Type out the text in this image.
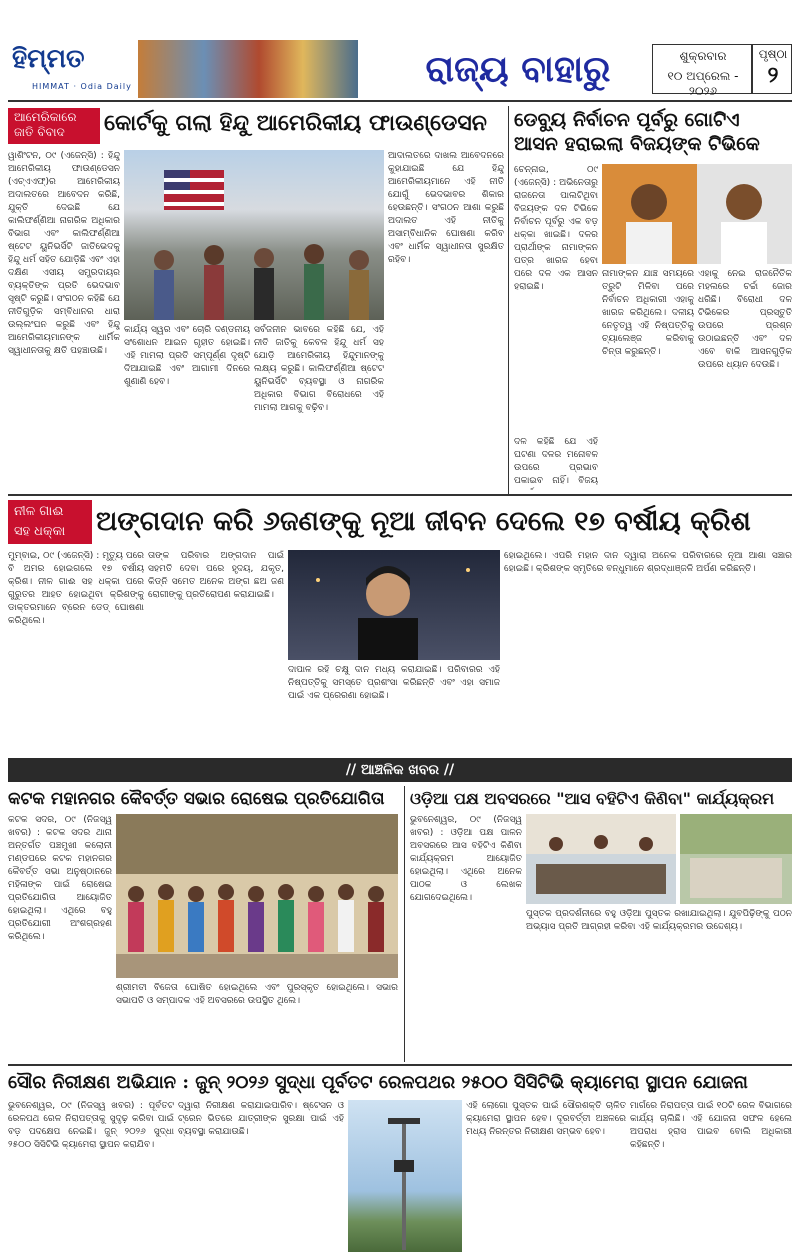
ହିମ୍ମତ
HIMMAT · Odia Daily	ରାଜ୍ୟ ବାହାରୁ	ଶୁକ୍ରବାର
୧୦ ଅପ୍ରେଲ - ୨୦୨୬
ପୃଷ୍ଠା
୨
ଆମେରିକାରେ
ଜାତି ବିବାଦ	କୋର୍ଟକୁ ଗଲା ହିନ୍ଦୁ ଆମେରିକୀୟ ଫାଉଣ୍ଡେସନ
ୱାଶିଂଟନ, ୦୯ (ଏଜେନ୍ସି) : ହିନ୍ଦୁ ଆମେରିକୀୟ ଫାଉଣ୍ଡେସନ (ଏଚ୍‌ଏଏଫ୍‌)ର ଆମେରିକୀୟ ଅଦାଲତରେ ଆବେଦନ କରିଛି, ଯୁକ୍ତି ଦେଇଛି ଯେ କାଲିଫର୍ଣ୍ଣିଆ ନାଗରିକ ଅଧିକାର ବିଭାଗ ଏବଂ କାଲିଫର୍ଣ୍ଣିଆ ଷ୍ଟେଟ ୟୁନିଭର୍ସିଟି ଜାତିଭେଦକୁ ହିନ୍ଦୁ ଧର୍ମ ସହିତ ଯୋଡ଼ିଛି ଏବଂ ଏହା ଦକ୍ଷିଣ ଏସୀୟ ସମ୍ପ୍ରଦାୟର ବ୍ୟକ୍ତିଙ୍କ ପ୍ରତି ଭେଦଭାବ ସୃଷ୍ଟି କରୁଛି। ସଂଗଠନ କହିଛି ଯେ ନୀତିଗୁଡ଼ିକ ସମ୍ବିଧାନର ଧାରା ଉଲ୍ଲଂଘନ କରୁଛି ଏବଂ ହିନ୍ଦୁ ଆମେରିକୀୟମାନଙ୍କ ଧାର୍ମିକ ସ୍ୱାଧୀନତାକୁ କ୍ଷତି ପହଞ୍ଚାଉଛି।
କାର୍ଯ୍ୟ ସ୍ୱର ଏବଂ ଚୋରି ଦଣ୍ଡନୀୟ ସଂଶୋଧନ ଆଇନ ଗୃହୀତ ହୋଇଛି। ଏହି ମାମଲା ପ୍ରତି ସମ୍ପୂର୍ଣ୍ଣ ଦୃଷ୍ଟି ଦିଆଯାଇଛି ଏବଂ ଆଗାମୀ ଦିନରେ ଶୁଣାଣି ହେବ।
ସର୍ବଜନୀନ ଭାବରେ କହିଛି ଯେ, ଏହି ନୀତି ଜାତିକୁ କେବଳ ହିନ୍ଦୁ ଧର୍ମ ସହ ଯୋଡ଼ି ଆମେରିକୀୟ ହିନ୍ଦୁମାନଙ୍କୁ ଲକ୍ଷ୍ୟ କରୁଛି। କାଲିଫର୍ଣ୍ଣିଆ ଷ୍ଟେଟ ୟୁନିଭର୍ସିଟି ବ୍ୟବସ୍ଥା ଓ ନାଗରିକ ଅଧିକାର ବିଭାଗ ବିରୋଧରେ ଏହି ମାମଲା ଆଗକୁ ବଢ଼ିବ।
ଆଦାଲତରେ ଦାଖଲ ଆବେଦନରେ କୁହାଯାଇଛି ଯେ ହିନ୍ଦୁ ଆମେରିକୀୟମାନେ ଏହି ନୀତି ଯୋଗୁଁ ଭେଦଭାବର ଶିକାର ହେଉଛନ୍ତି। ସଂଗଠନ ଆଶା କରୁଛି ଅଦାଲତ ଏହି ନୀତିକୁ ଅସାମ୍ବିଧାନିକ ଘୋଷଣା କରିବ ଏବଂ ଧାର୍ମିକ ସ୍ୱାଧୀନତା ସୁରକ୍ଷିତ ରହିବ।
ଡେବ୍ୟୁ ନିର୍ବାଚନ ପୂର୍ବରୁ ଗୋଟିଏ
ଆସନ ହରାଇଲା ବିଜୟଙ୍କ ଟିଭିକେ
ଚେନ୍ନାଇ, ୦୯ (ଏଜେନ୍ସି) : ଅଭିନେତାରୁ ରାଜନେତା ପାଲଟିଥିବା ବିଜୟଙ୍କ ଦଳ ଟିଭିକେ ନିର୍ବାଚନ ପୂର୍ବରୁ ଏକ ବଡ଼ ଧକ୍କା ଖାଇଛି। ଦଳର ପ୍ରାର୍ଥୀଙ୍କ ନାମାଙ୍କନ ପତ୍ର ଖାରଜ ହେବା ପରେ ଦଳ ଏକ ଆସନ ହରାଇଛି।
ନାମାଙ୍କନ ଯାଞ୍ଚ ସମୟରେ ତ୍ରୁଟି ମିଳିବା ପରେ ନିର୍ବାଚନ ଅଧିକାରୀ ଏହାକୁ ଖାରଜ କରିଥିଲେ। ଦଳୀୟ ନେତୃତ୍ୱ ଏହି ନିଷ୍ପତ୍ତିକୁ ଚ୍ୟାଲେଞ୍ଜ କରିବାକୁ ଚିନ୍ତା କରୁଛନ୍ତି।
ଏହାକୁ ନେଇ ରାଜନୈତିକ ମହଲରେ ଚର୍ଚ୍ଚା ଜୋର ଧରିଛି। ବିରୋଧୀ ଦଳ ଟିଭିକେର ପ୍ରସ୍ତୁତି ଉପରେ ପ୍ରଶ୍ନ ଉଠାଇଛନ୍ତି ଏବଂ ଦଳ ଏବେ ବାକି ଆସନଗୁଡ଼ିକ ଉପରେ ଧ୍ୟାନ ଦେଉଛି।
ଦଳ କହିଛି ଯେ ଏହି ଘଟଣା ଦଳର ମନୋବଳ ଉପରେ ପ୍ରଭାବ ପକାଇବ ନାହିଁ। ବିଜୟ
ନୀଳ ଗାଈ
ସହ ଧକ୍କା	ଅଙ୍ଗଦାନ କରି ୬ଜଣଙ୍କୁ ନୂଆ ଜୀବନ ଦେଲେ ୧୭ ବର୍ଷୀୟ କ୍ରିଶ
ମୁମ୍ବାଇ, ୦୯ (ଏଜେନ୍ସି) : ମୃତ୍ୟୁ ପରେ ବି ଅମର ହୋଇଗଲେ ୧୭ ବର୍ଷୀୟ କ୍ରିଶ। ନୀଳ ଗାଈ ସହ ଧକ୍କା ପରେ ଗୁରୁତର ଆହତ ହୋଇଥିବା କ୍ରିଶଙ୍କୁ ଡାକ୍ତରମାନେ ବ୍ରେନ ଡେଡ୍ ଘୋଷଣା କରିଥିଲେ।
ତାଙ୍କ ପରିବାର ଅଙ୍ଗଦାନ ପାଇଁ ସହମତି ଦେବା ପରେ ହୃଦୟ, ଯକୃତ, କିଡ୍ନି ସମେତ ଅନେକ ଅଙ୍ଗ ଛଅ ଜଣ ରୋଗୀଙ୍କୁ ପ୍ରତିରୋପଣ କରାଯାଇଛି।
ଦାପାଳ ରହି ଚକ୍ଷୁ ଦାନ ମଧ୍ୟ କରାଯାଇଛି। ପରିବାରର ଏହି ନିଷ୍ପତ୍ତିକୁ ସମସ୍ତେ ପ୍ରଶଂସା କରିଛନ୍ତି ଏବଂ ଏହା ସମାଜ ପାଇଁ ଏକ ପ୍ରେରଣା ହୋଇଛି।
ହୋଇଥିଲେ। ଏପରି ମହାନ ଦାନ ଦ୍ୱାରା ଅନେକ ପରିବାରରେ ନୂଆ ଆଶା ସଞ୍ଚାର ହୋଇଛି। କ୍ରିଶଙ୍କ ସ୍ମୃତିରେ ବନ୍ଧୁମାନେ ଶ୍ରଦ୍ଧାଞ୍ଜଳି ଅର୍ପଣ କରିଛନ୍ତି।
// ଆଞ୍ଚଳିକ ଖବର //
କଟକ ମହାନଗର କୈବର୍ତ୍ତ ସଭାର ରୋଷେଇ ପ୍ରତିଯୋଗିତା
କଟକ ସଦର, ୦୯ (ନିଜସ୍ୱ ଖବର) : କଟକ ସଦର ଥାନା ଅନ୍ତର୍ଗତ ପଞ୍ଚମୁଖୀ କଲୋନୀ ମଣ୍ଡପରେ କଟକ ମହାନଗର କୈବର୍ତ୍ତ ସଭା ଅନୁଷ୍ଠାନରେ ମହିଳାଙ୍କ ପାଇଁ ରୋଷେଇ ପ୍ରତିଯୋଗିତା ଆୟୋଜିତ ହୋଇଥିଲା। ଏଥିରେ ବହୁ ପ୍ରତିଯୋଗୀ ଅଂଶଗ୍ରହଣ କରିଥିଲେ।
ଶ୍ରୀମତୀ ବିଜେତା ଘୋଷିତ ହୋଇଥିଲେ ଏବଂ ପୁରସ୍କୃତ ହୋଇଥିଲେ। ସଭାର ସଭାପତି ଓ ସମ୍ପାଦକ ଏହି ଅବସରରେ ଉପସ୍ଥିତ ଥିଲେ।
ଓଡ଼ିଆ ପକ୍ଷ ଅବସରରେ "ଆସ ବହିଟିଏ କିଣିବା" କାର୍ଯ୍ୟକ୍ରମ
ଭୁବନେଶ୍ୱର, ୦୯ (ନିଜସ୍ୱ ଖବର) : ଓଡ଼ିଆ ପକ୍ଷ ପାଳନ ଅବସରରେ ଆସ ବହିଟିଏ କିଣିବା କାର୍ଯ୍ୟକ୍ରମ ଆୟୋଜିତ ହୋଇଥିଲା। ଏଥିରେ ଅନେକ ପାଠକ ଓ ଲେଖକ ଯୋଗଦେଇଥିଲେ।
ପୁସ୍ତକ ପ୍ରଦର୍ଶନୀରେ ବହୁ ଓଡ଼ିଆ ପୁସ୍ତକ ରଖାଯାଇଥିଲା। ଯୁବପିଢ଼ିଙ୍କୁ ପଠନ ଅଭ୍ୟାସ ପ୍ରତି ଆଗ୍ରହୀ କରିବା ଏହି କାର୍ଯ୍ୟକ୍ରମର ଉଦ୍ଦେଶ୍ୟ।
ସୌର ନିରୀକ୍ଷଣ ଅଭିଯାନ : ଜୁନ୍ ୨୦୨୬ ସୁଦ୍ଧା ପୂର୍ବତଟ ରେଳପଥର ୨୫୦୦ ସିସିଟିଭି କ୍ୟାମେରା ସ୍ଥାପନ ଯୋଜନା
ଭୁବନେଶ୍ୱର, ୦୯ (ନିଜସ୍ୱ ଖବର) : ପୂର୍ବତଟ ରେଳପଥ ରେଳ ନିରାପତ୍ତାକୁ ସୁଦୃଢ଼ କରିବା ପାଇଁ ବଡ଼ ପଦକ୍ଷେପ ନେଇଛି। ଜୁନ୍ ୨୦୨୬ ସୁଦ୍ଧା ୨୫୦୦ ସିସିଟିଭି କ୍ୟାମେରା ସ୍ଥାପନ କରାଯିବ।
ଦ୍ୱାରା ନିରୀକ୍ଷଣ କରାଯାଇପାରିବ। ଷ୍ଟେସନ ଓ ଟ୍ରେନ ଭିତରେ ଯାତ୍ରୀଙ୍କ ସୁରକ୍ଷା ପାଇଁ ଏହି ବ୍ୟବସ୍ଥା କରାଯାଉଛି।
ଏହି ଲୋଗୋ ପୁସ୍ତକ ପାଇଁ ସୌରଶକ୍ତି ଚାଳିତ କ୍ୟାମେରା ସ୍ଥାପନ ହେବ। ଦୂରବର୍ତ୍ତୀ ଅଞ୍ଚଳରେ ମଧ୍ୟ ନିରନ୍ତର ନିରୀକ୍ଷଣ ସମ୍ଭବ ହେବ।
ମାର୍ଗରେ ନିରାପତ୍ତା ପାଇଁ ୧୦ଟି ରେଳ ବିଭାଗରେ କାର୍ଯ୍ୟ ଚାଲିଛି। ଏହି ଯୋଜନା ସଫଳ ହେଲେ ଅପରାଧ ହ୍ରାସ ପାଇବ ବୋଲି ଅଧିକାରୀ କହିଛନ୍ତି।
